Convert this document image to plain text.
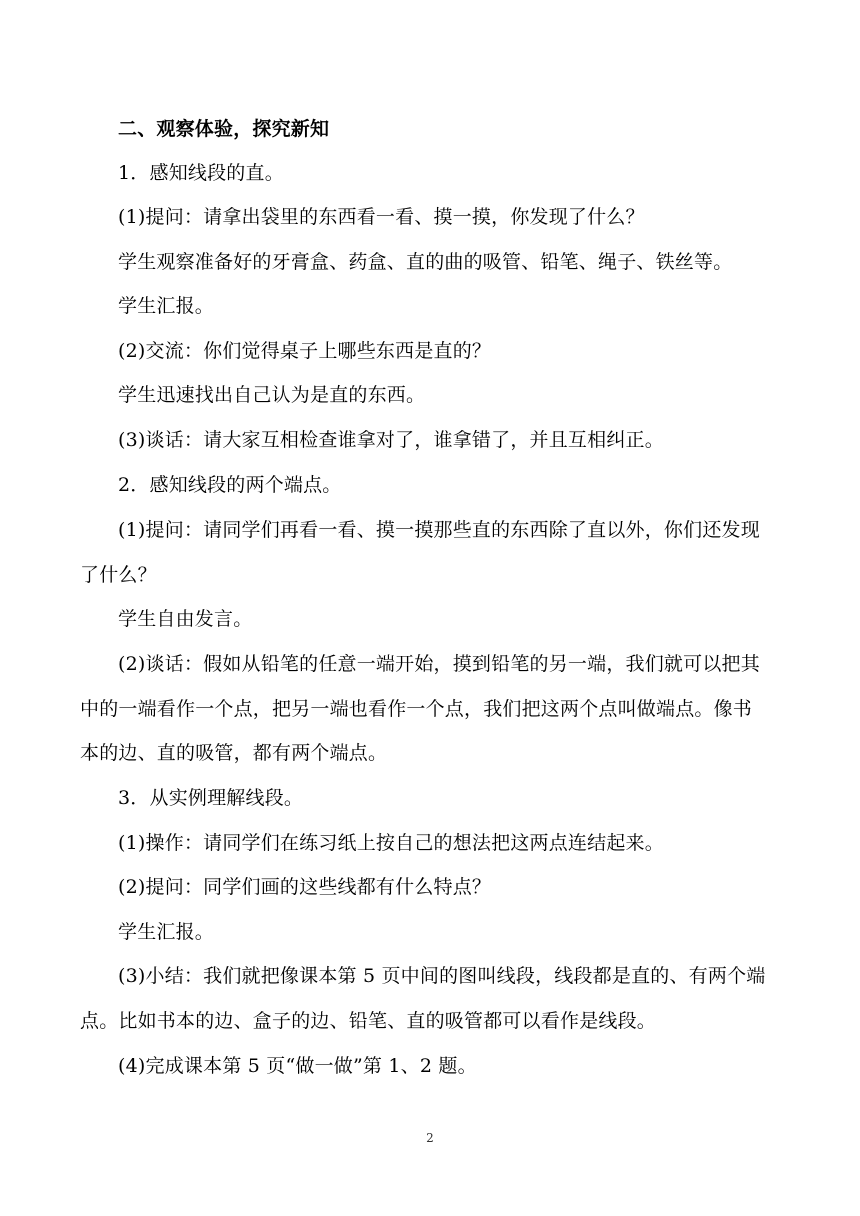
二、观察体验，探究新知
1．感知线段的直。
(1)提问：请拿出袋里的东西看一看、摸一摸，你发现了什么？
学生观察准备好的牙膏盒、药盒、直的曲的吸管、铅笔、绳子、铁丝等。
学生汇报。
(2)交流：你们觉得桌子上哪些东西是直的？
学生迅速找出自己认为是直的东西。
(3)谈话：请大家互相检查谁拿对了，谁拿错了，并且互相纠正。
2．感知线段的两个端点。
(1)提问：请同学们再看一看、摸一摸那些直的东西除了直以外，你们还发现
了什么？
学生自由发言。
(2)谈话：假如从铅笔的任意一端开始，摸到铅笔的另一端，我们就可以把其
中的一端看作一个点，把另一端也看作一个点，我们把这两个点叫做端点。像书
本的边、直的吸管，都有两个端点。
3．从实例理解线段。
(1)操作：请同学们在练习纸上按自己的想法把这两点连结起来。
(2)提问：同学们画的这些线都有什么特点？
学生汇报。
(3)小结：我们就把像课本第 5 页中间的图叫线段，线段都是直的、有两个端
点。比如书本的边、盒子的边、铅笔、直的吸管都可以看作是线段。
(4)完成课本第 5 页“做一做”第 1、2 题。
2
